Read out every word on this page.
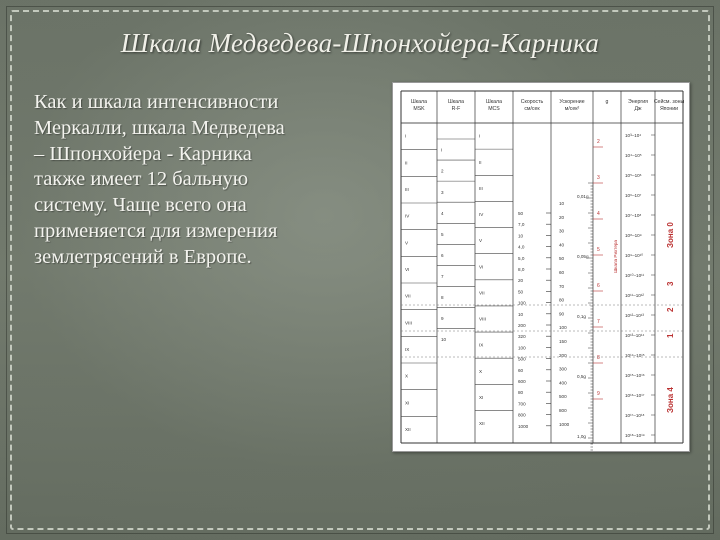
Шкала Медведева-Шпонхойера-Карника
Как и шкала интенсивности
Меркалли, шкала Медведева
– Шпонхойера - Карника
также имеет 12 бальную
систему. Чаще всего она
применяется для измерения
землетрясений в Европе.
Шкала
MSK
Шкала
R-F
Шкала
MCS
Скорость
см/сек
Ускорение
м/сек²
g	Энергия
Дж
Сейсм. зоны
Японии
I
II
III
IV
V
VI
VII
VIII
IX
X
XI
XII
I
2
3
4
5
6
7
8
9
10
I
II
III
IV
V
VI
VII
VIII
IX
X
XI
XII
50
7,0
10
4,0
5,0
8,0
20
50
100
10
200
320
100
500
60
600
80
700
800
1000
10
20
30
40
50
60
70
80
90
100
150
200
300
400
500
800
1000
0,01g
0,05g
0,1g
0,5g
1,0g
2
3
4
5
6
7
8
9
Шкала Рихтера
10³–10⁴
10⁴–10⁵
10⁵–10⁶
10⁶–10⁷
10⁷–10⁸
10⁸–10⁹
10⁹–10¹⁰
10¹⁰–10¹¹
10¹¹–10¹²
10¹²–10¹³
10¹³–10¹⁴
10¹⁴–10¹⁵
10¹⁵–10¹⁶
10¹⁶–10¹⁷
10¹⁷–10¹⁸
10¹⁸–10¹⁹
Зона 0
Зона 4
1
2
3
